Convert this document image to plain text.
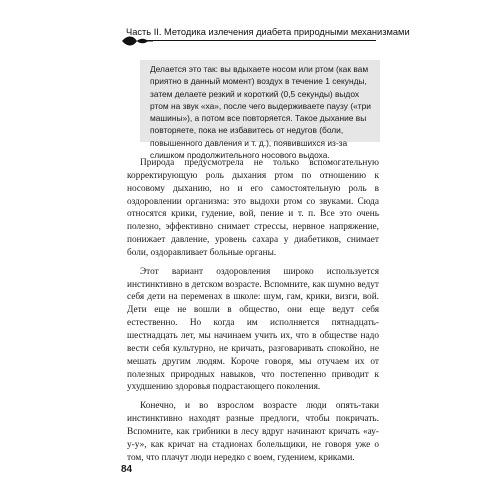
Часть II. Методика излечения диабета природными механизмами

Делается это так: вы вдыхаете носом или ртом (как вам приятно в данный момент) воздух в течение 1 секунды, затем делаете резкий и короткий (0,5 секунды) выдох ртом на звук «ха», после чего выдерживаете паузу («три машины»), а потом все повторяется. Такое дыхание вы повторяете, пока не избавитесь от недугов (боли, повышенного давления и т. д.), появившихся из-за слишком продолжительного носового выдоха.

Природа предусмотрела не только вспомогательную корректирующую роль дыхания ртом по отношению к носовому дыханию, но и его самостоятельную роль в оздоровлении организма: это выдохи ртом со звуками. Сюда относятся крики, гудение, вой, пение и т. п. Все это очень полезно, эффективно снимает стрессы, нервное напряжение, понижает давление, уровень сахара у диабетиков, снимает боли, оздоравливает больные органы.

Этот вариант оздоровления широко используется инстинктивно в детском возрасте. Вспомните, как шумно ведут себя дети на переменах в школе: шум, гам, крики, визги, вой. Дети еще не вошли в общество, они еще ведут себя естественно. Но когда им исполняется пятнадцать-шестнадцать лет, мы начинаем учить их, что в обществе надо вести себя культурно, не кричать, разговаривать спокойно, не мешать другим людям. Короче говоря, мы отучаем их от полезных природных навыков, что постепенно приводит к ухудшению здоровья подрастающего поколения.

Конечно, и во взрослом возрасте люди опять-таки инстинктивно находят разные предлоги, чтобы покричать. Вспомните, как грибники в лесу вдруг начинают кричать «ау-у-у», как кричат на стадионах болельщики, не говоря уже о том, что плачут люди нередко с воем, гудением, криками.

84
